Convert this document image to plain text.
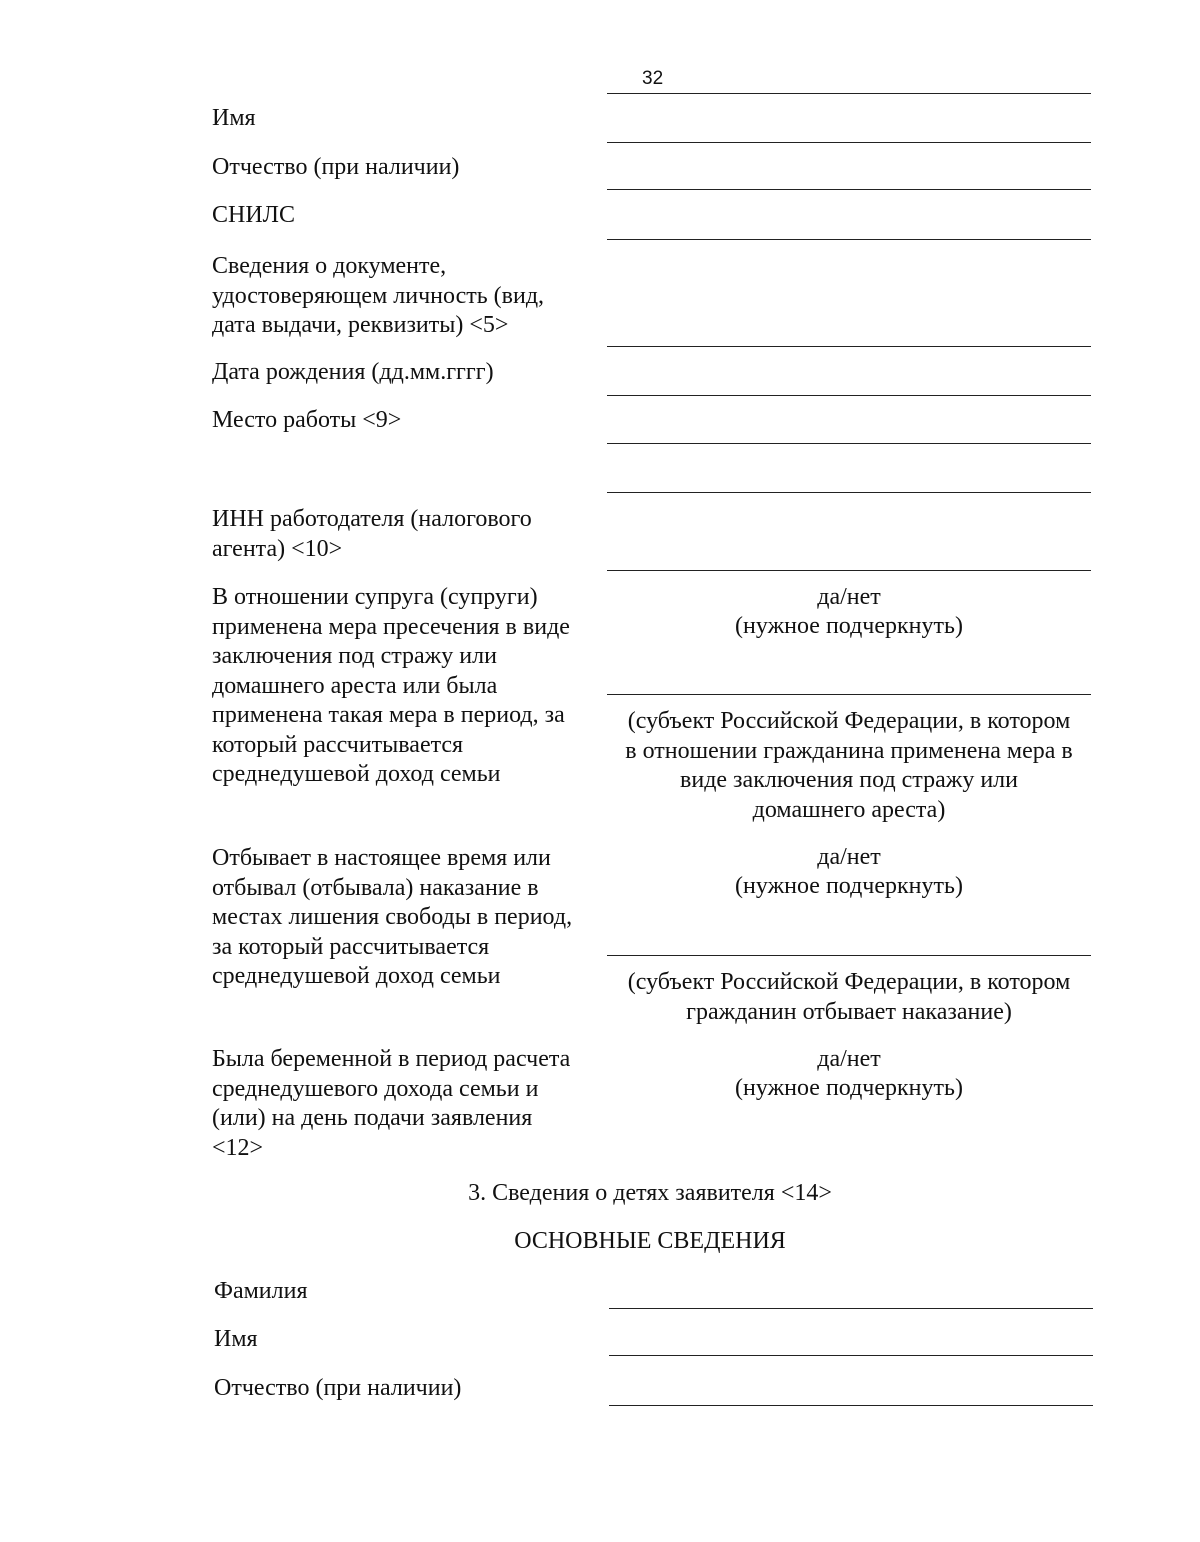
32
Имя
Отчество (при наличии)
СНИЛС
Сведения о документе,
удостоверяющем личность (вид,
дата выдачи, реквизиты) <5>
Дата рождения (дд.мм.гггг)
Место работы <9>
ИНН работодателя (налогового
агента) <10>
В отношении супруга (супруги)
применена мера пресечения в виде
заключения под стражу или
домашнего ареста или была
применена такая мера в период, за
который рассчитывается
среднедушевой доход семьи
да/нет
(нужное подчеркнуть)
(субъект Российской Федерации, в котором
в отношении гражданина применена мера в
виде заключения под стражу или
домашнего ареста)
Отбывает в настоящее время или
отбывал (отбывала) наказание в
местах лишения свободы в период,
за который рассчитывается
среднедушевой доход семьи
да/нет
(нужное подчеркнуть)
(субъект Российской Федерации, в котором
гражданин отбывает наказание)
Была беременной в период расчета
среднедушевого дохода семьи и
(или) на день подачи заявления
<12>
да/нет
(нужное подчеркнуть)
3. Сведения о детях заявителя <14>
ОСНОВНЫЕ СВЕДЕНИЯ
Фамилия
Имя
Отчество (при наличии)
